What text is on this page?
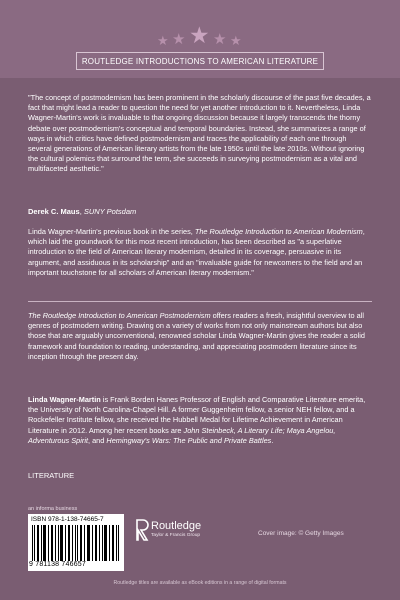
★ ★ ★ ★ ★
ROUTLEDGE INTRODUCTIONS TO AMERICAN LITERATURE
"The concept of postmodernism has been prominent in the scholarly discourse of the past five decades, a fact that might lead a reader to question the need for yet another introduction to it. Nevertheless, Linda Wagner-Martin's work is invaluable to that ongoing discussion because it largely transcends the thorny debate over postmodernism's conceptual and temporal boundaries. Instead, she summarizes a range of ways in which critics have defined postmodernism and traces the applicability of each one through several generations of American literary artists from the late 1950s until the late 2010s. Without ignoring the cultural polemics that surround the term, she succeeds in surveying postmodernism as a vital and multifaceted aesthetic."
Derek C. Maus, SUNY Potsdam
Linda Wagner-Martin's previous book in the series, The Routledge Introduction to American Modernism, which laid the groundwork for this most recent introduction, has been described as "a superlative introduction to the field of American literary modernism, detailed in its coverage, persuasive in its argument, and assiduous in its scholarship" and an "invaluable guide for newcomers to the field and an important touchstone for all scholars of American literary modernism."
The Routledge Introduction to American Postmodernism offers readers a fresh, insightful overview to all genres of postmodern writing. Drawing on a variety of works from not only mainstream authors but also those that are arguably unconventional, renowned scholar Linda Wagner-Martin gives the reader a solid framework and foundation to reading, understanding, and appreciating postmodern literature since its inception through the present day.
Linda Wagner-Martin is Frank Borden Hanes Professor of English and Comparative Literature emerita, the University of North Carolina-Chapel Hill. A former Guggenheim fellow, a senior NEH fellow, and a Rockefeller Institute fellow, she received the Hubbell Medal for Lifetime Achievement in American Literature in 2012. Among her recent books are John Steinbeck, A Literary Life; Maya Angelou, Adventurous Spirit, and Hemingway's Wars: The Public and Private Battles.
LITERATURE
an informa business
ISBN 978-1-138-74665-7
9 781138 746657
Routledge
Taylor & Francis Group	Cover image: © Getty Images
Routledge titles are available as eBook editions in a range of digital formats
